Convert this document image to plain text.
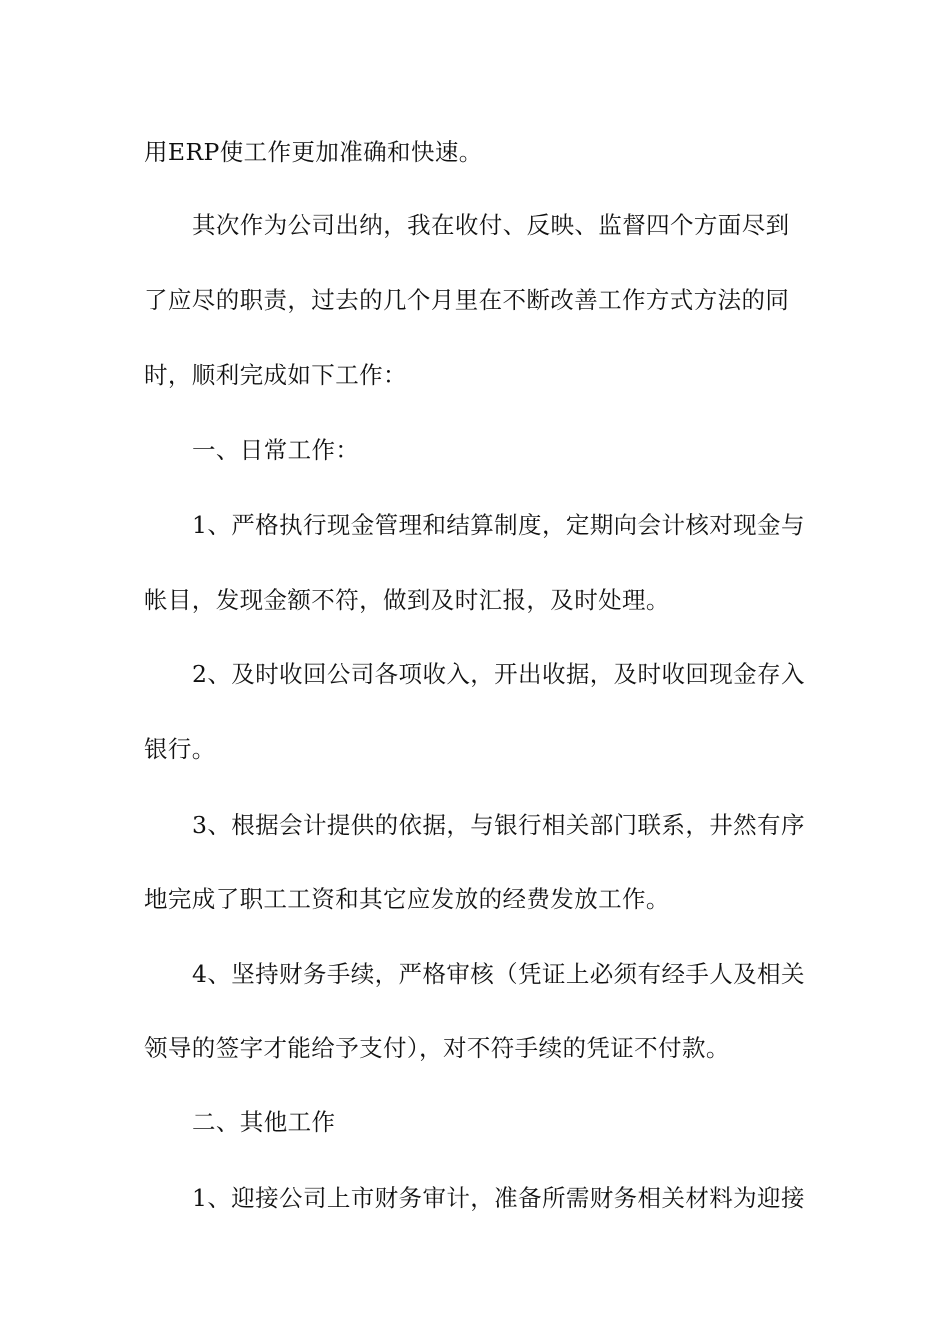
用ERP使工作更加准确和快速。
其次作为公司出纳，我在收付、反映、监督四个方面尽到
了应尽的职责，过去的几个月里在不断改善工作方式方法的同
时，顺利完成如下工作：
一、日常工作：
1、严格执行现金管理和结算制度，定期向会计核对现金与
帐目，发现金额不符，做到及时汇报，及时处理。
2、及时收回公司各项收入，开出收据，及时收回现金存入
银行。
3、根据会计提供的依据，与银行相关部门联系，井然有序
地完成了职工工资和其它应发放的经费发放工作。
4、坚持财务手续，严格审核（凭证上必须有经手人及相关
领导的签字才能给予支付），对不符手续的凭证不付款。
二、其他工作
1、迎接公司上市财务审计，准备所需财务相关材料为迎接
